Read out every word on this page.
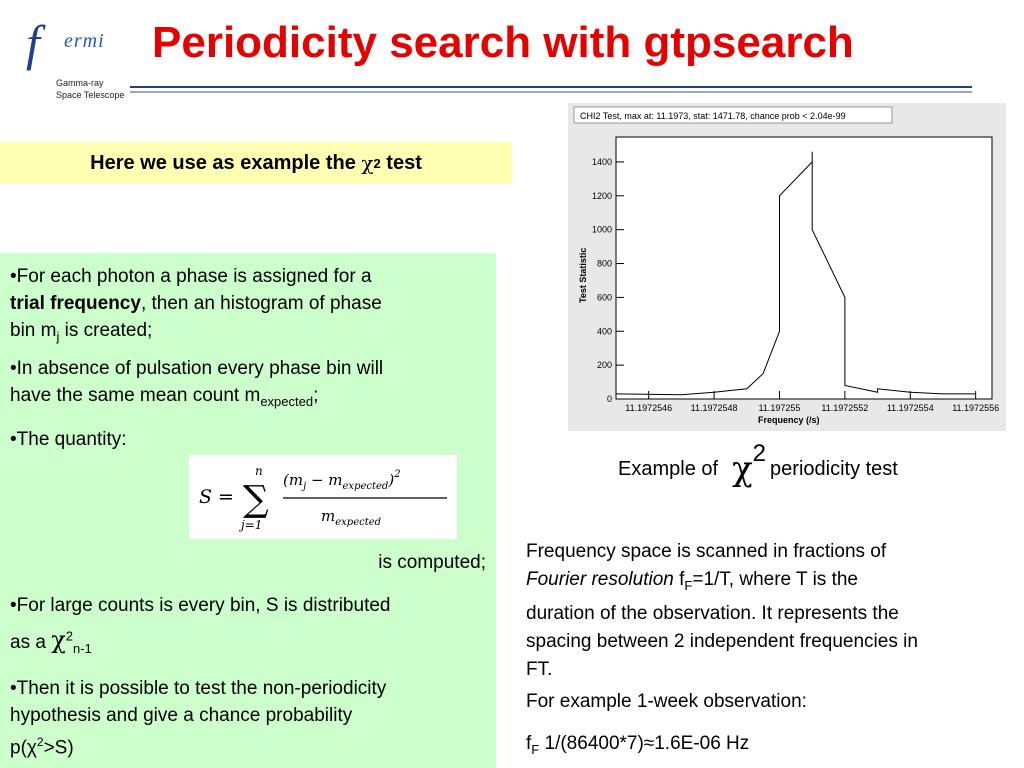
f ermi
Gamma-ray
Space Telescope
Periodicity search with gtpsearch
Here we use as example the χ 2 test
•For each photon a phase is assigned for a
trial frequency, then an histogram of phase
bin $m_j$ is created;
•In absence of pulsation every phase bin will
have the same mean count $m_{expected}$;
•The quantity:
is computed;
•For large counts is every bin, S is distributed
as a $\chi^2_{n-1}$
•Then it is possible to test the non-periodicity
hypothesis and give a chance probability
$p(\chi^2>S)$
S =
n
∑
j=1
$(m_j - m_{expected})^2$
$m_{expected}$
CHI2 Test, max at: 11.1973, stat: 1471.78, chance prob < 2.04e-99
Test Statistic
Frequency (/s)
0
200
400
600
800
1000
1200
1400
11.1972546 11.1972548 11.197255 11.1972552 11.1972554 11.1972556
Example of χ 2
periodicity test
Frequency space is scanned in fractions of
Fourier resolution $f_F=1/T$, where T is the
duration of the observation. It represents the
spacing between 2 independent frequencies in
FT.
For example 1-week observation:
$f_F$ 1/(86400*7)≈1.6E-06 Hz
